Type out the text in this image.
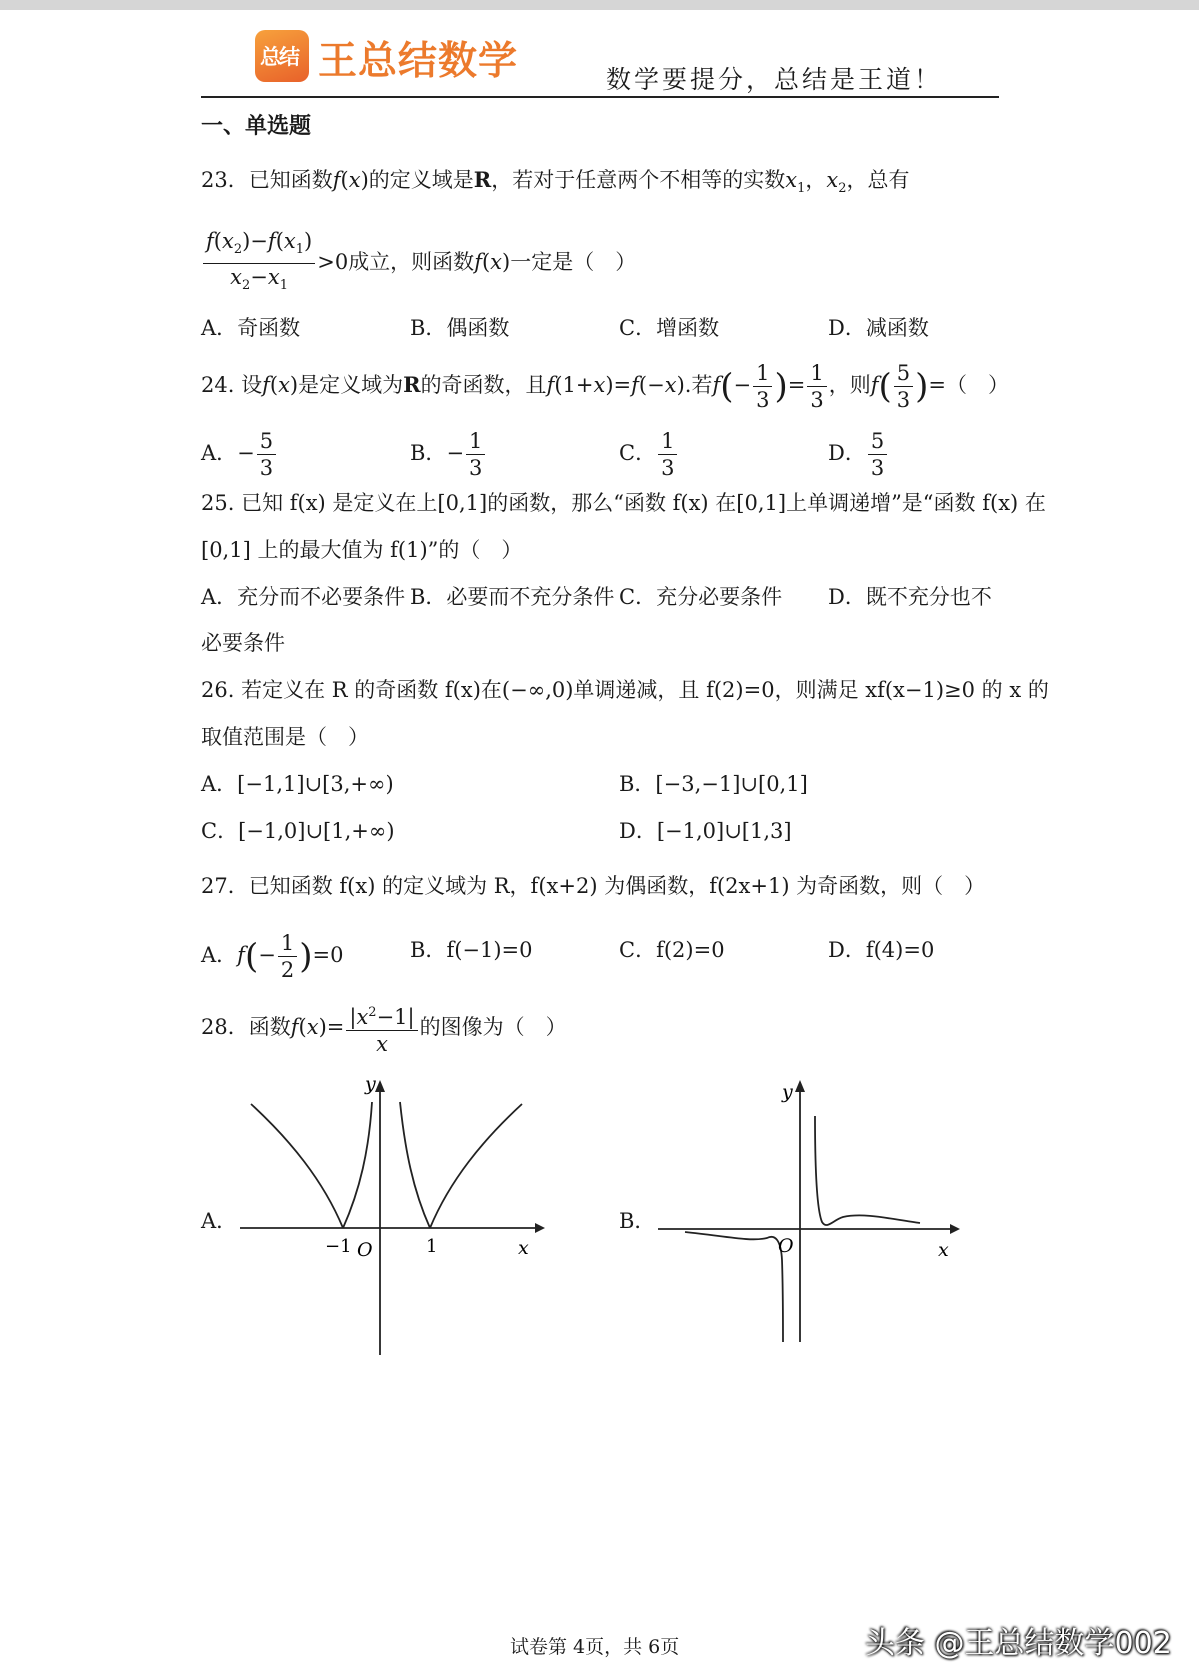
总结 王总结数学	数学要提分，总结是王道！
一、单选题
23．已知函数f(x)的定义域是R，若对于任意两个不相等的实数$x_1$，$x_2$，总有
$\frac{f(x_2)-f(x_1)}{x_2-x_1} >0$成立，则函数f(x)一定是（　）
A．奇函数	B．偶函数	C．增函数	D．减函数
24. 设f(x)是定义域为R的奇函数，且f(1+x)=f(−x).若$f(- \frac{1}{3}$ )= $\frac{1}{3}$ ，则$f( \frac{5}{3}$ )=（　）
A．− $\frac{5}{3}$	B．− $\frac{1}{3}$	C． $\frac{1}{3}$	D． $\frac{5}{3}$
25. 已知 f(x) 是定义在上[0,1]的函数，那么“函数 f(x) 在[0,1]上单调递增”是“函数 f(x) 在
[0,1] 上的最大值为 f(1)”的（　）
A．充分而不必要条件 B．必要而不充分条件 C．充分必要条件 D．既不充分也不
必要条件
26. 若定义在 R 的奇函数 f(x)在(−∞,0)单调递减，且 f(2)=0，则满足 xf(x−1)≥0 的 x 的
取值范围是（　）
A．[−1,1]∪[3,+∞)	B．[−3,−1]∪[0,1]
C．[−1,0]∪[1,+∞)	D．[−1,0]∪[1,3]
27．已知函数 f(x) 的定义域为 R，f(x+2) 为偶函数，f(2x+1) 为奇函数，则（　）
A．$f(- \frac{1}{2} )=0$	B．f(−1)=0	C．f(2)=0	D．f(4)=0
28．函数$f(x)= \frac{|x^2-1|}{x}$ 的图像为（　）
A．
y
x
O
−1	1
B．
y
x
O
试卷第 4页，共 6页	头条 @王总结数学002
